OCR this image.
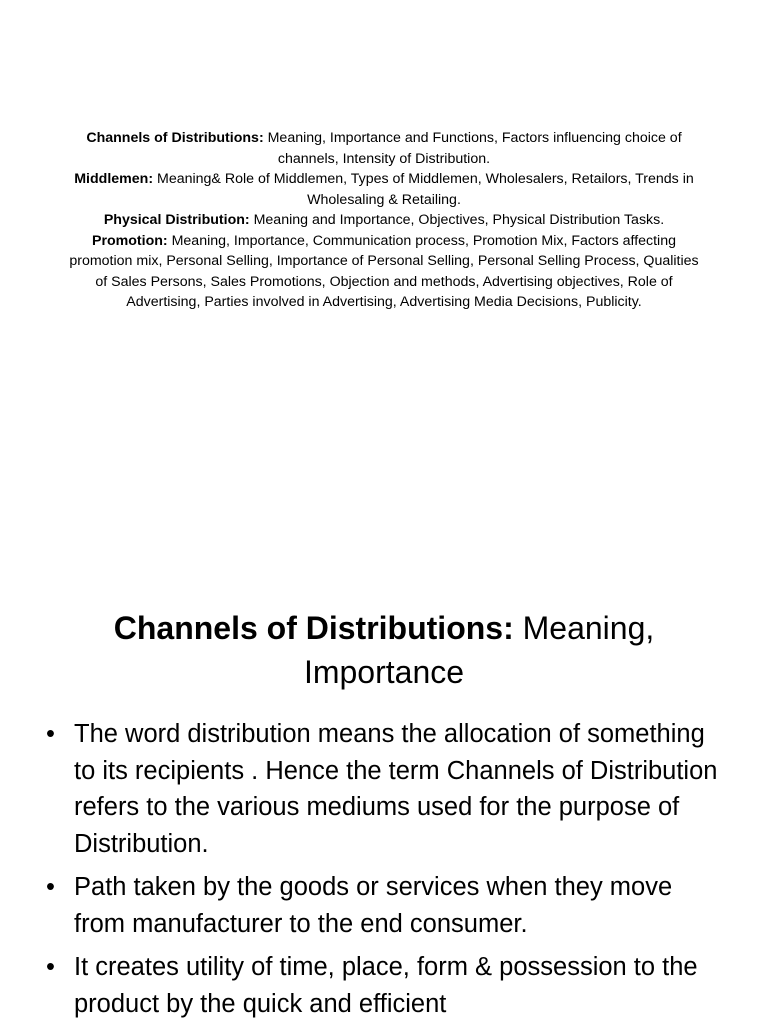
Channels of Distributions: Meaning, Importance and Functions, Factors influencing choice of channels, Intensity of Distribution.

Middlemen: Meaning& Role of Middlemen, Types of Middlemen, Wholesalers, Retailors, Trends in Wholesaling & Retailing.

Physical Distribution: Meaning and Importance, Objectives, Physical Distribution Tasks.

Promotion: Meaning, Importance, Communication process, Promotion Mix, Factors affecting promotion mix, Personal Selling, Importance of Personal Selling, Personal Selling Process, Qualities of Sales Persons, Sales Promotions, Objection and methods, Advertising objectives, Role of Advertising, Parties involved in Advertising, Advertising Media Decisions, Publicity.

Channels of Distributions: Meaning, Importance
• The word distribution means the allocation of something to its recipients . Hence the term Channels of Distribution refers to the various mediums used for the purpose of Distribution.
• Path taken by the goods or services when they move from manufacturer to the end consumer.
• It creates utility of time, place, form & possession to the product by the quick and efficient
